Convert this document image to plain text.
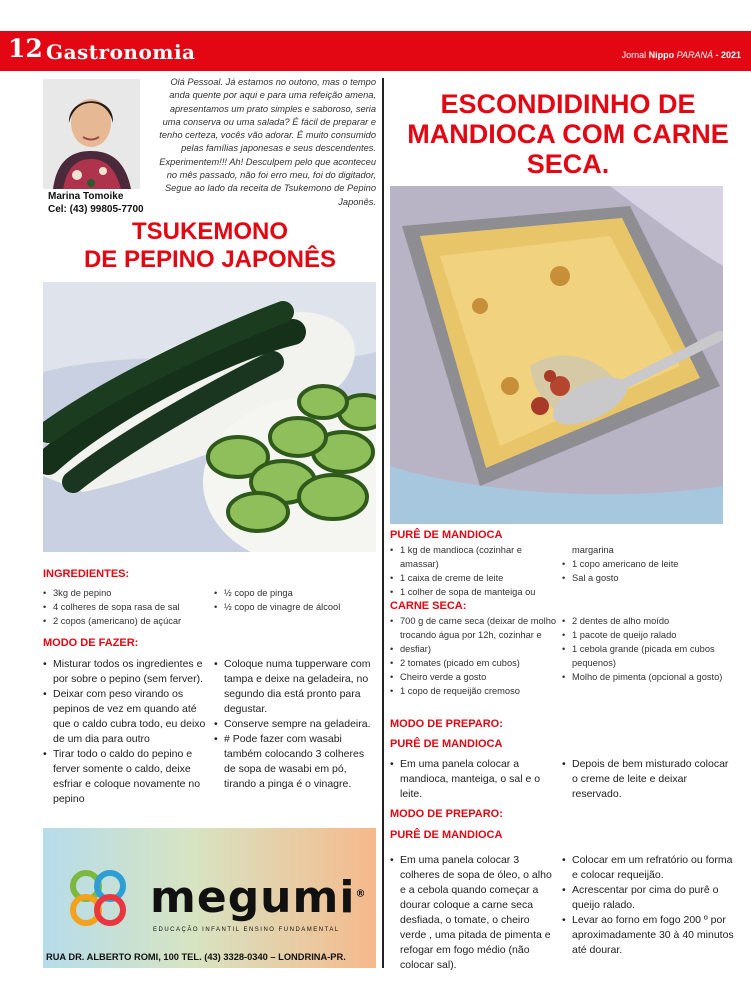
12 Gastronomia	Jornal Nippo PARANÁ - 2021
Marina Tomoike
Cel: (43) 99805-7700
Olá Pessoal. Já estamos no outono, mas o tempo anda quente por aqui e para uma refeição amena, apresentamos um prato simples e saboroso, seria uma conserva ou uma salada? É fácil de preparar e tenho certeza, vocês vão adorar. É muito consumido pelas famílias japonesas e seus descendentes. Experimentem!!! Ah! Desculpem pelo que aconteceu no mês passado, não foi erro meu, foi do digitador, Segue ao lado da receita de Tsukemono de Pepino Japonês.
TSUKEMONO
DE PEPINO JAPONÊS
INGREDIENTES:
• 3kg de pepino
• 4 colheres de sopa rasa de sal
• 2 copos (americano) de açúcar
• ½ copo de pinga
• ½ copo de vinagre de álcool
MODO DE FAZER:
• Misturar todos os ingredientes e por sobre o pepino (sem ferver).
• Deixar com peso virando os pepinos de vez em quando até que o caldo cubra todo, eu deixo de um dia para outro
• Tirar todo o caldo do pepino e ferver somente o caldo, deixe esfriar e coloque novamente no pepino
• Coloque numa tupperware com tampa e deixe na geladeira, no segundo dia está pronto para degustar.
• Conserve sempre na geladeira.
• # Pode fazer com wasabi também colocando 3 colheres de sopa de wasabi em pó, tirando a pinga é o vinagre.
megumi®
EDUCAÇÃO INFANTIL ENSINO FUNDAMENTAL
RUA DR. ALBERTO ROMI, 100 TEL. (43) 3328-0340 – LONDRINA-PR.
ESCONDIDINHO DE
MANDIOCA COM CARNE
SECA.
PURÊ DE MANDIOCA
• 1 kg de mandioca (cozinhar e amassar)
• 1 caixa de creme de leite
• 1 colher de sopa de manteiga ou
margarina
• 1 copo americano de leite
• Sal a gosto
CARNE SECA:
• 700 g de carne seca (deixar de molho trocando água por 12h, cozinhar e
• desfiar)
• 2 tomates (picado em cubos)
• Cheiro verde a gosto
• 1 copo de requeijão cremoso
• 2 dentes de alho moído
• 1 pacote de queijo ralado
• 1 cebola grande (picada em cubos pequenos)
• Molho de pimenta (opcional a gosto)
MODO DE PREPARO:
PURÊ DE MANDIOCA
• Em uma panela colocar a mandioca, manteiga, o sal e o leite.
• Depois de bem misturado colocar o creme de leite e deixar reservado.
MODO DE PREPARO:
PURÊ DE MANDIOCA
• Em uma panela colocar 3 colheres de sopa de óleo, o alho e a cebola quando começar a dourar coloque a carne seca desfiada, o tomate, o cheiro verde , uma pitada de pimenta e refogar em fogo médio (não colocar sal).
• Colocar em um refratório ou forma e colocar requeijão.
• Acrescentar por cima do purê o queijo ralado.
• Levar ao forno em fogo 200 º por aproximadamente 30 à 40 minutos até dourar.
